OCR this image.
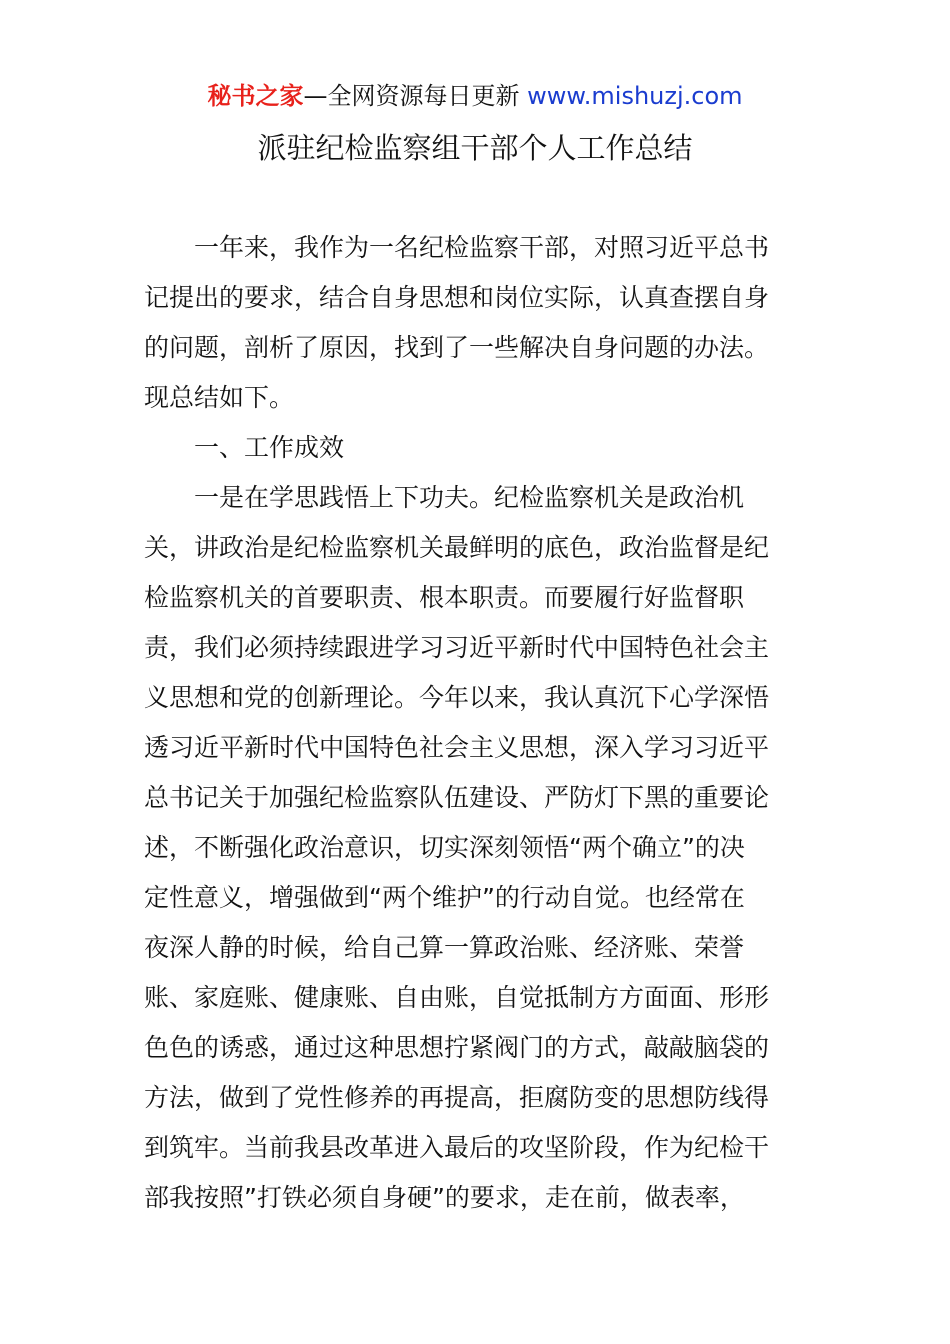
秘书之家—全网资源每日更新 www.mishuzj.com
派驻纪检监察组干部个人工作总结
一年来，我作为一名纪检监察干部，对照习近平总书
记提出的要求，结合自身思想和岗位实际，认真查摆自身
的问题，剖析了原因，找到了一些解决自身问题的办法。
现总结如下。
一、工作成效
一是在学思践悟上下功夫。纪检监察机关是政治机
关，讲政治是纪检监察机关最鲜明的底色，政治监督是纪
检监察机关的首要职责、根本职责。而要履行好监督职
责，我们必须持续跟进学习习近平新时代中国特色社会主
义思想和党的创新理论。今年以来，我认真沉下心学深悟
透习近平新时代中国特色社会主义思想，深入学习习近平
总书记关于加强纪检监察队伍建设、严防灯下黑的重要论
述，不断强化政治意识，切实深刻领悟“两个确立”的决
定性意义，增强做到“两个维护”的行动自觉。也经常在
夜深人静的时候，给自己算一算政治账、经济账、荣誉
账、家庭账、健康账、自由账，自觉抵制方方面面、形形
色色的诱惑，通过这种思想拧紧阀门的方式，敲敲脑袋的
方法，做到了党性修养的再提高，拒腐防变的思想防线得
到筑牢。当前我县改革进入最后的攻坚阶段，作为纪检干
部我按照”打铁必须自身硬”的要求，走在前，做表率，
